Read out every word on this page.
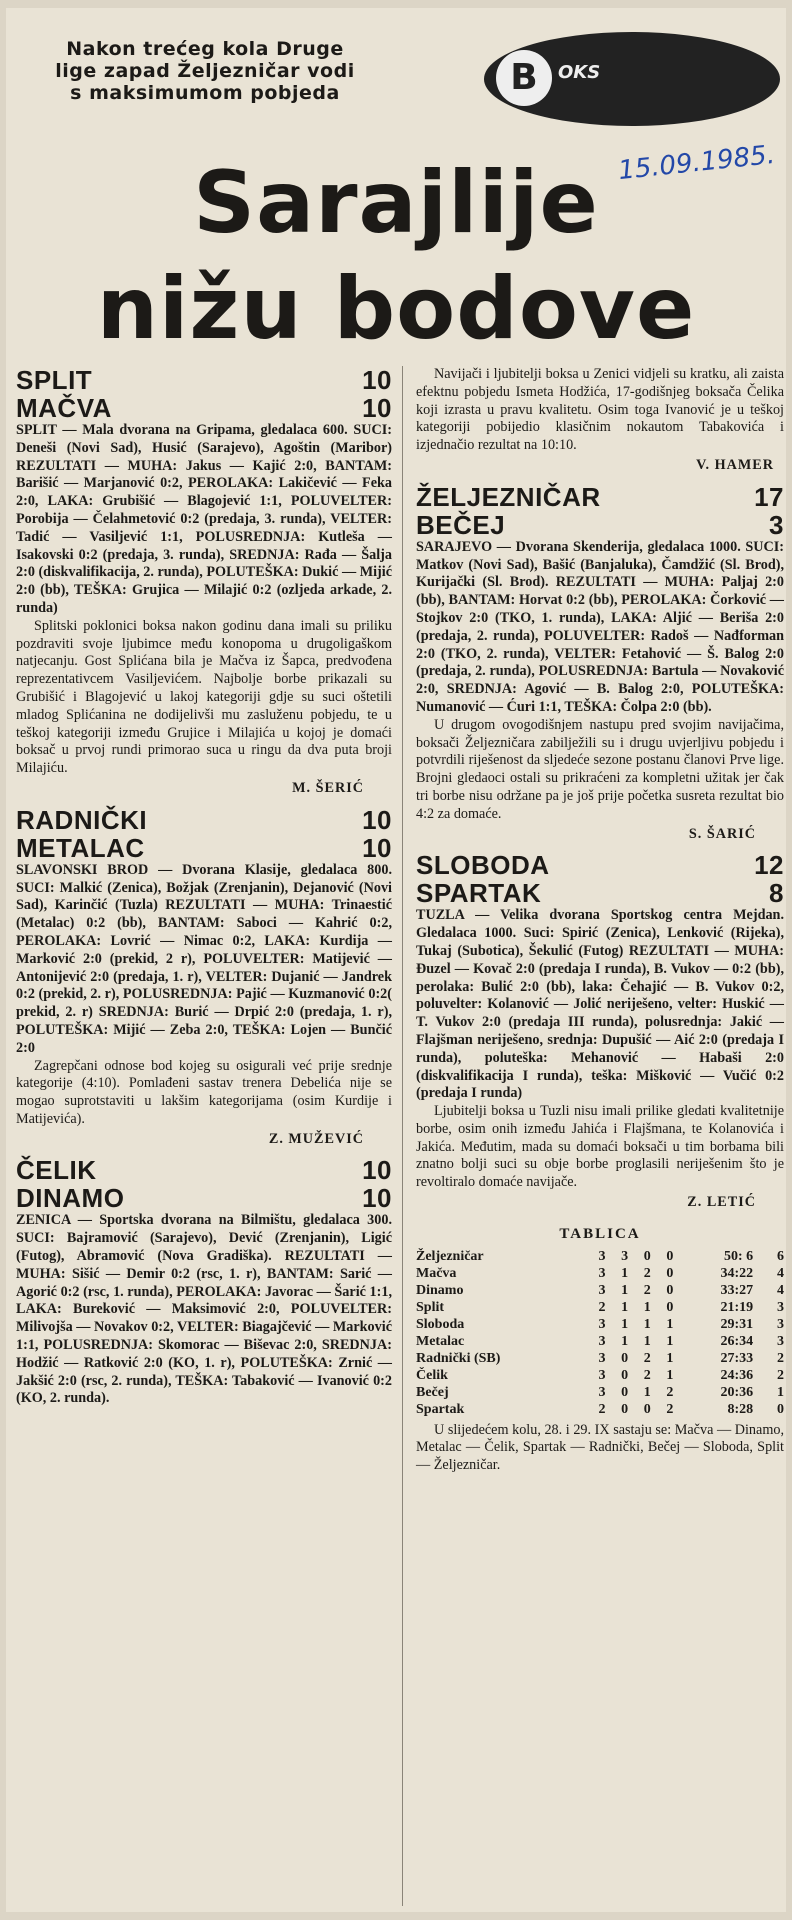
Nakon trećeg kola Druge
lige zapad Željezničar vodi
s maksimumom pobjeda	B	OKS
15.09.1985.
Sarajlije
nižu bodove
SPLIT	10
MAČVA	10

SPLIT — Mala dvorana na Gripama, gledalaca 600. SUCI: Deneši (Novi Sad), Husić (Sarajevo), Agoštin (Maribor) REZULTATI — MUHA: Jakus — Kajić 2:0, BANTAM: Barišić — Marjanović 0:2, PEROLAKA: Lakičević — Feka 2:0, LAKA: Grubišić — Blagojević 1:1, POLUVELTER: Porobija — Čelahmetović 0:2 (predaja, 3. runda), VELTER: Tadić — Vasiljević 1:1, POLUSREDNJA: Kutleša — Isakovski 0:2 (predaja, 3. runda), SREDNJA: Rađa — Šalja 2:0 (diskvalifikacija, 2. runda), POLUTEŠKA: Dukić — Mijić 2:0 (bb), TEŠKA: Grujica — Milajić 0:2 (ozljeda arkade, 2. runda)

Splitski poklonici boksa nakon godinu dana imali su priliku pozdraviti svoje ljubimce među konopoma u drugoligaškom natjecanju. Gost Splićana bila je Mačva iz Šapca, predvođena reprezentativcem Vasiljevićem. Najbolje borbe prikazali su Grubišić i Blagojević u lakoj kategoriji gdje su suci oštetili mladog Splićanina ne dodijelivši mu zasluženu pobjedu, te u teškoj kategoriji između Grujice i Milajića u kojoj je domaći boksač u prvoj rundi primorao suca u ringu da dva puta broji Milajiću.

M. ŠERIĆ
RADNIČKI	10
METALAC	10

SLAVONSKI BROD — Dvorana Klasije, gledalaca 800. SUCI: Malkić (Zenica), Božjak (Zrenjanin), Dejanović (Novi Sad), Karinčić (Tuzla) REZULTATI — MUHA: Trinaestić (Metalac) 0:2 (bb), BANTAM: Saboci — Kahrić 0:2, PEROLAKA: Lovrić — Nimac 0:2, LAKA: Kurdija — Marković 2:0 (prekid, 2 r), POLUVELTER: Matijević — Antonijević 2:0 (predaja, 1. r), VELTER: Dujanić — Jandrek 0:2 (prekid, 2. r), POLUSREDNJA: Pajić — Kuzmanović 0:2( prekid, 2. r) SREDNJA: Burić — Drpić 2:0 (predaja, 1. r), POLUTEŠKA: Mijić — Zeba 2:0, TEŠKA: Lojen — Bunčić 2:0

Zagrepčani odnose bod kojeg su osigurali već prije srednje kategorije (4:10). Pomlađeni sastav trenera Debelića nije se mogao suprotstaviti u lakšim kategorijama (osim Kurdije i Matijevića).

Z. MUŽEVIĆ
ČELIK	10
DINAMO	10

ZENICA — Sportska dvorana na Bilmištu, gledalaca 300. SUCI: Bajramović (Sarajevo), Dević (Zrenjanin), Ligić (Futog), Abramović (Nova Gradiška). REZULTATI — MUHA: Sišić — Demir 0:2 (rsc, 1. r), BANTAM: Sarić — Agorić 0:2 (rsc, 1. runda), PEROLAKA: Javorac — Šarić 1:1, LAKA: Bureković — Maksimović 2:0, POLUVELTER: Milivojša — Novakov 0:2, VELTER: Biagajčević — Marković 1:1, POLUSREDNJA: Skomorac — Biševac 2:0, SREDNJA: Hodžić — Ratković 2:0 (KO, 1. r), POLUTEŠKA: Zrnić — Jakšić 2:0 (rsc, 2. runda), TEŠKA: Tabaković — Ivanović 0:2 (KO, 2. runda).

Navijači i ljubitelji boksa u Zenici vidjeli su kratku, ali zaista efektnu pobjedu Ismeta Hodžića, 17-godišnjeg boksača Čelika koji izrasta u pravu kvalitetu. Osim toga Ivanović je u teškoj kategoriji pobijedio klasičnim nokautom Tabakovića i izjednačio rezultat na 10:10.

V. HAMER
ŽELJEZNIČAR	17
BEČEJ	3

SARAJEVO — Dvorana Skenderija, gledalaca 1000. SUCI: Matkov (Novi Sad), Bašić (Banjaluka), Čamdžić (Sl. Brod), Kurijački (Sl. Brod). REZULTATI — MUHA: Paljaj 2:0 (bb), BANTAM: Horvat 0:2 (bb), PEROLAKA: Čorković — Stojkov 2:0 (TKO, 1. runda), LAKA: Aljić — Beriša 2:0 (predaja, 2. runda), POLUVELTER: Radoš — Nađforman 2:0 (TKO, 2. runda), VELTER: Fetahović — Š. Balog 2:0 (predaja, 2. runda), POLUSREDNJA: Bartula — Novaković 2:0, SREDNJA: Agović — B. Balog 2:0, POLUTEŠKA: Numanović — Ćuri 1:1, TEŠKA: Čolpa 2:0 (bb).

U drugom ovogodišnjem nastupu pred svojim navijačima, boksači Željezničara zabilježili su i drugu uvjerljivu pobjedu i potvrdili riješenost da sljedeće sezone postanu članovi Prve lige. Brojni gledaoci ostali su prikraćeni za kompletni užitak jer čak tri borbe nisu održane pa je još prije početka susreta rezultat bio 4:2 za domaće.

S. ŠARIĆ
SLOBODA	12
SPARTAK	8

TUZLA — Velika dvorana Sportskog centra Mejdan. Gledalaca 1000. Suci: Spirić (Zenica), Lenković (Rijeka), Tukaj (Subotica), Šekulić (Futog) REZULTATI — MUHA: Đuzel — Kovač 2:0 (predaja I runda), B. Vukov — 0:2 (bb), perolaka: Bulić 2:0 (bb), laka: Čehajić — B. Vukov 0:2, poluvelter: Kolanović — Jolić neriješeno, velter: Huskić — T. Vukov 2:0 (predaja III runda), polusrednja: Jakić — Flajšman neriješeno, srednja: Dupušić — Aić 2:0 (predaja I runda), poluteška: Mehanović — Habaši 2:0 (diskvalifikacija I runda), teška: Mišković — Vučić 0:2 (predaja I runda)

Ljubitelji boksa u Tuzli nisu imali prilike gledati kvalitetnije borbe, osim onih između Jahića i Flajšmana, te Kolanovića i Jakića. Međutim, mada su domaći boksači u tim borbama bili znatno bolji suci su obje borbe proglasili neriješenim što je revoltiralo domaće navijače.

Z. LETIĆ
TABLICA
Željezničar	3	3	0	0	50: 6	6
Mačva	3	1	2	0	34:22	4
Dinamo	3	1	2	0	33:27	4
Split	2	1	1	0	21:19	3
Sloboda	3	1	1	1	29:31	3
Metalac	3	1	1	1	26:34	3
Radnički (SB)	3	0	2	1	27:33	2
Čelik	3	0	2	1	24:36	2
Bečej	3	0	1	2	20:36	1
Spartak	2	0	0	2	8:28	0

U slijedećem kolu, 28. i 29. IX sastaju se: Mačva — Dinamo, Metalac — Čelik, Spartak — Radnički, Bečej — Sloboda, Split — Željezničar.
